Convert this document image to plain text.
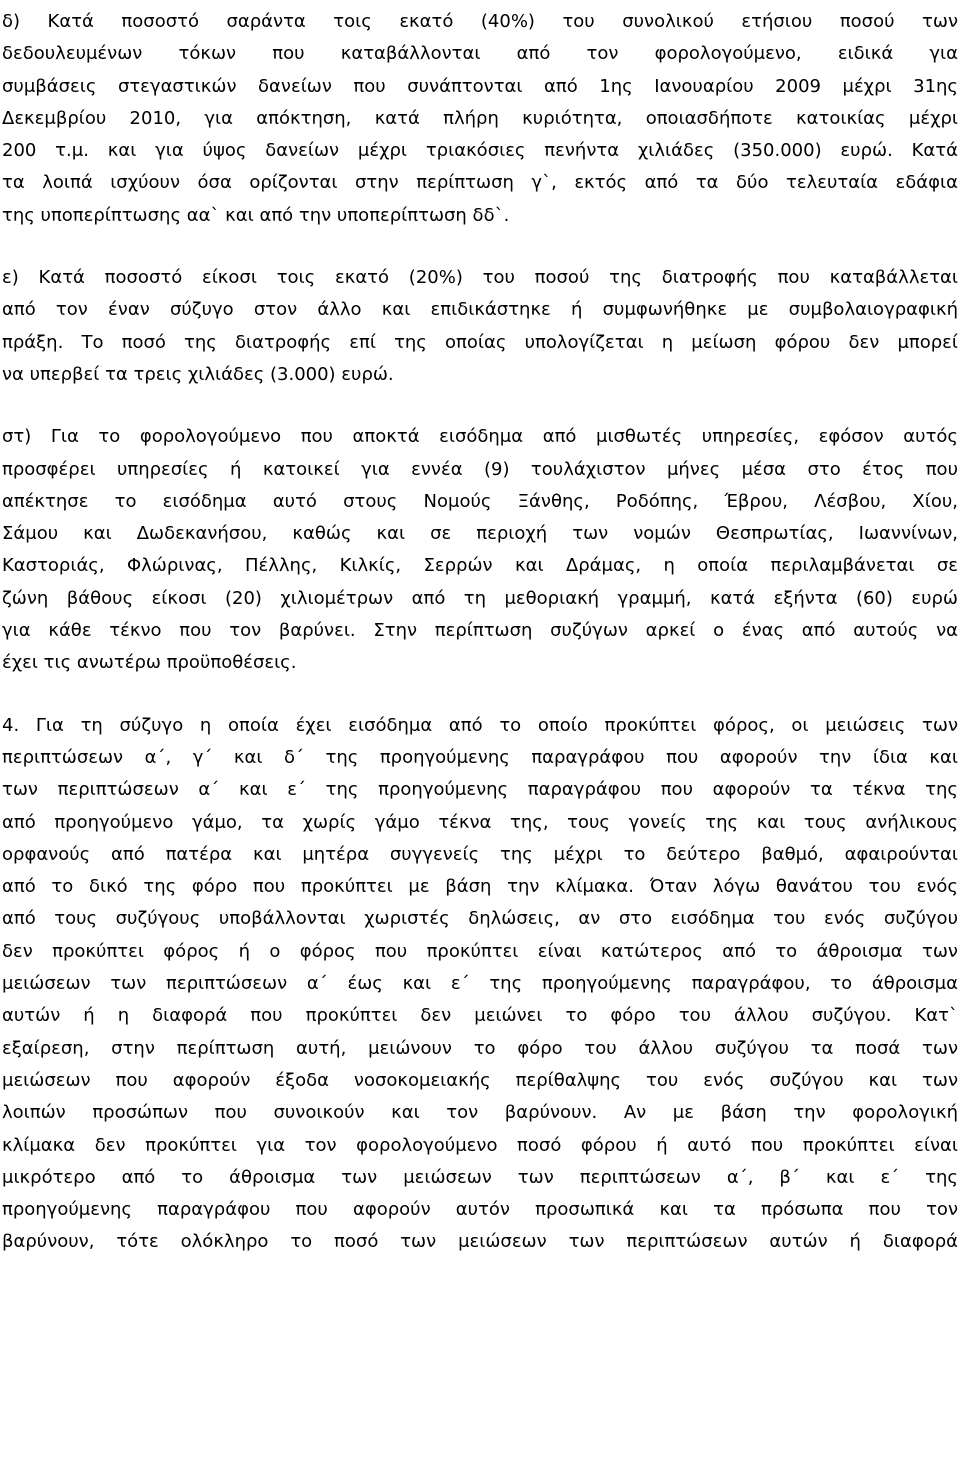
δ) Κατά ποσοστό σαράντα τοις εκατό (40%) του συνολικού ετήσιου ποσού των
δεδουλευμένων τόκων που καταβάλλονται από τον φορολογούμενο, ειδικά για
συμβάσεις στεγαστικών δανείων που συνάπτονται από 1ης Ιανουαρίου 2009 μέχρι 31ης
Δεκεμβρίου 2010, για απόκτηση, κατά πλήρη κυριότητα, οποιασδήποτε κατοικίας μέχρι
200 τ.μ. και για ύψος δανείων μέχρι τριακόσιες πενήντα χιλιάδες (350.000) ευρώ. Κατά
τα λοιπά ισχύουν όσα ορίζονται στην περίπτωση γ`, εκτός από τα δύο τελευταία εδάφια
της υποπερίπτωσης αα` και από την υποπερίπτωση δδ`.
ε) Κατά ποσοστό είκοσι τοις εκατό (20%) του ποσού της διατροφής που καταβάλλεται
από τον έναν σύζυγο στον άλλο και επιδικάστηκε ή συμφωνήθηκε με συμβολαιογραφική
πράξη. Το ποσό της διατροφής επί της οποίας υπολογίζεται η μείωση φόρου δεν μπορεί
να υπερβεί τα τρεις χιλιάδες (3.000) ευρώ.
στ) Για το φορολογούμενο που αποκτά εισόδημα από μισθωτές υπηρεσίες, εφόσον αυτός
προσφέρει υπηρεσίες ή κατοικεί για εννέα (9) τουλάχιστον μήνες μέσα στο έτος που
απέκτησε το εισόδημα αυτό στους Νομούς Ξάνθης, Ροδόπης, Έβρου, Λέσβου, Χίου,
Σάμου και Δωδεκανήσου, καθώς και σε περιοχή των νομών Θεσπρωτίας, Ιωαννίνων,
Καστοριάς, Φλώρινας, Πέλλης, Κιλκίς, Σερρών και Δράμας, η οποία περιλαμβάνεται σε
ζώνη βάθους είκοσι (20) χιλιομέτρων από τη μεθοριακή γραμμή, κατά εξήντα (60) ευρώ
για κάθε τέκνο που τον βαρύνει. Στην περίπτωση συζύγων αρκεί ο ένας από αυτούς να
έχει τις ανωτέρω προϋποθέσεις.
4. Για τη σύζυγο η οποία έχει εισόδημα από το οποίο προκύπτει φόρος, οι μειώσεις των
περιπτώσεων α΄, γ΄ και δ΄ της προηγούμενης παραγράφου που αφορούν την ίδια και
των περιπτώσεων α΄ και ε΄ της προηγούμενης παραγράφου που αφορούν τα τέκνα της
από προηγούμενο γάμο, τα χωρίς γάμο τέκνα της, τους γονείς της και τους ανήλικους
ορφανούς από πατέρα και μητέρα συγγενείς της μέχρι το δεύτερο βαθμό, αφαιρούνται
από το δικό της φόρο που προκύπτει με βάση την κλίμακα. Όταν λόγω θανάτου του ενός
από τους συζύγους υποβάλλονται χωριστές δηλώσεις, αν στο εισόδημα του ενός συζύγου
δεν προκύπτει φόρος ή ο φόρος που προκύπτει είναι κατώτερος από το άθροισμα των
μειώσεων των περιπτώσεων α΄ έως και ε΄ της προηγούμενης παραγράφου, το άθροισμα
αυτών ή η διαφορά που προκύπτει δεν μειώνει το φόρο του άλλου συζύγου. Κατ`
εξαίρεση, στην περίπτωση αυτή, μειώνουν το φόρο του άλλου συζύγου τα ποσά των
μειώσεων που αφορούν έξοδα νοσοκομειακής περίθαλψης του ενός συζύγου και των
λοιπών προσώπων που συνοικούν και τον βαρύνουν. Αν με βάση την φορολογική
κλίμακα δεν προκύπτει για τον φορολογούμενο ποσό φόρου ή αυτό που προκύπτει είναι
μικρότερο από το άθροισμα των μειώσεων των περιπτώσεων α΄, β΄ και ε΄ της
προηγούμενης παραγράφου που αφορούν αυτόν προσωπικά και τα πρόσωπα που τον
βαρύνουν, τότε ολόκληρο το ποσό των μειώσεων των περιπτώσεων αυτών ή διαφορά
